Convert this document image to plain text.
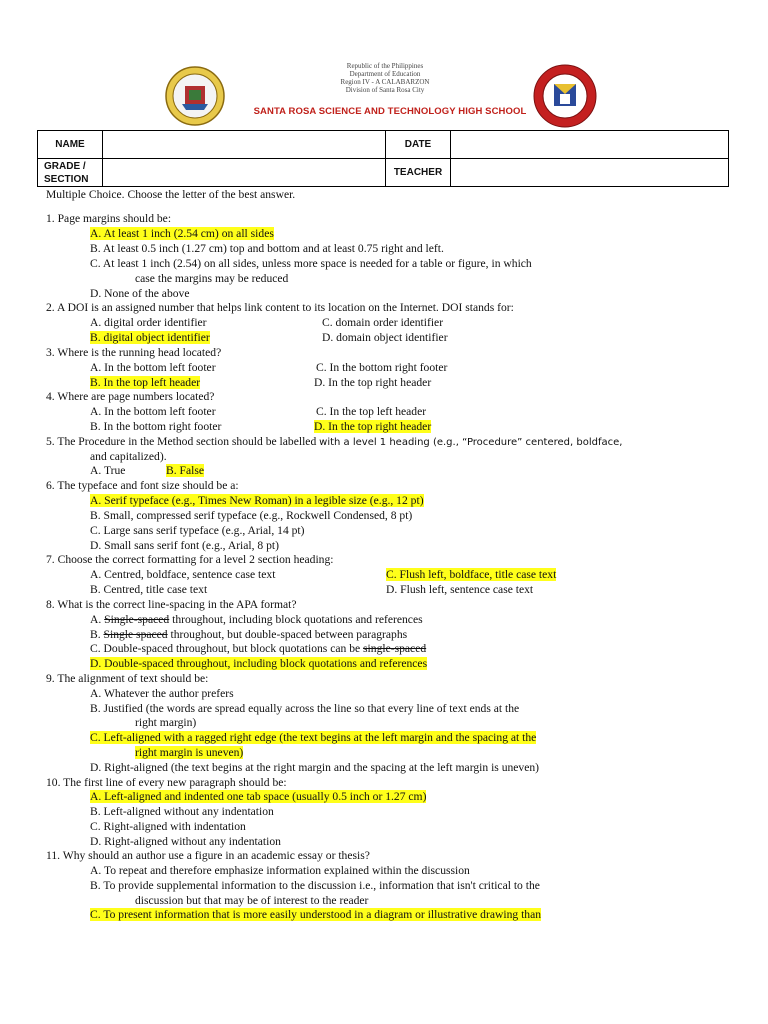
Republic of the Philippines
Department of Education
Region IV - A CALABARZON
Division of Santa Rosa City
SANTA ROSA SCIENCE AND TECHNOLOGY HIGH SCHOOL
NAME		DATE	
GRADE /
SECTION		TEACHER	
Multiple Choice. Choose the letter of the best answer.
1. Page margins should be:
A. At least 1 inch (2.54 cm) on all sides
B. At least 0.5 inch (1.27 cm) top and bottom and at least 0.75 right and left.
C. At least 1 inch (2.54) on all sides, unless more space is needed for a table or figure, in which
case the margins may be reduced
D. None of the above
2. A DOI is an assigned number that helps link content to its location on the Internet. DOI stands for:
A. digital order identifier	C. domain order identifier
B. digital object identifier	D. domain object identifier
3. Where is the running head located?
A. In the bottom left footer	C. In the bottom right footer
B. In the top left header	D. In the top right header
4. Where are page numbers located?
A. In the bottom left footer	C. In the top left header
B. In the bottom right footer	D. In the top right header
5. The Procedure in the Method section should be labelled with a level 1 heading (e.g., “Procedure” centered, boldface,
and capitalized).
A. True	B. False
6. The typeface and font size should be a:
A. Serif typeface (e.g., Times New Roman) in a legible size (e.g., 12 pt)
B. Small, compressed serif typeface (e.g., Rockwell Condensed, 8 pt)
C. Large sans serif typeface (e.g., Arial, 14 pt)
D. Small sans serif font (e.g., Arial, 8 pt)
7. Choose the correct formatting for a level 2 section heading:
A. Centred, boldface, sentence case text	C. Flush left, boldface, title case text
B. Centred, title case text	D. Flush left, sentence case text
8. What is the correct line-spacing in the APA format?
A. Single-spaced throughout, including block quotations and references
B. Single spaced throughout, but double-spaced between paragraphs
C. Double-spaced throughout, but block quotations can be single-spaced
D. Double-spaced throughout, including block quotations and references
9. The alignment of text should be:
A. Whatever the author prefers
B. Justified (the words are spread equally across the line so that every line of text ends at the
right margin)
C. Left-aligned with a ragged right edge (the text begins at the left margin and the spacing at the
right margin is uneven)
D. Right-aligned (the text begins at the right margin and the spacing at the left margin is uneven)
10. The first line of every new paragraph should be:
A. Left-aligned and indented one tab space (usually 0.5 inch or 1.27 cm)
B. Left-aligned without any indentation
C. Right-aligned with indentation
D. Right-aligned without any indentation
11. Why should an author use a figure in an academic essay or thesis?
A. To repeat and therefore emphasize information explained within the discussion
B. To provide supplemental information to the discussion i.e., information that isn't critical to the
discussion but that may be of interest to the reader
C. To present information that is more easily understood in a diagram or illustrative drawing than
